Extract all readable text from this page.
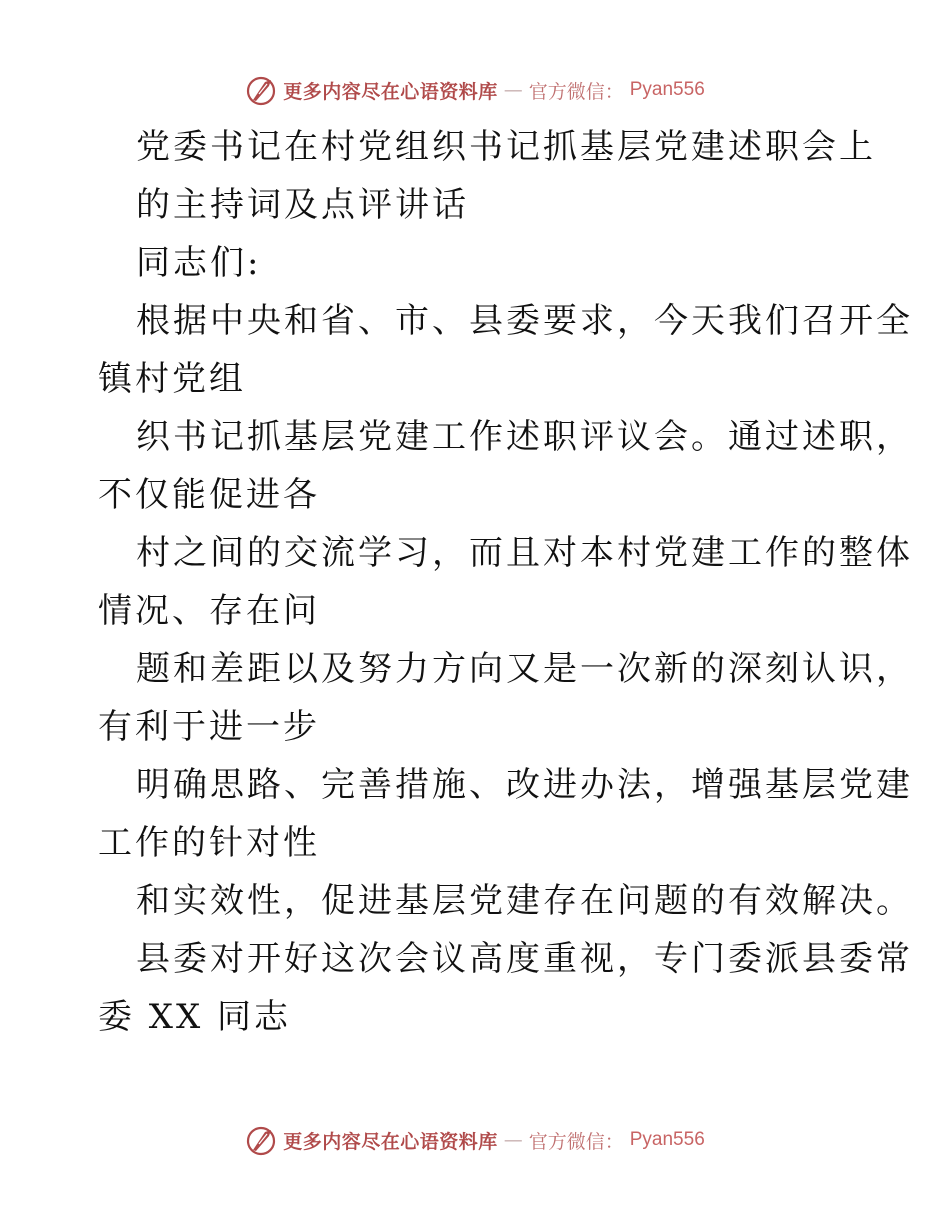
更多内容尽在心语资料库 — 官方微信： Pyan556
党委书记在村党组织书记抓基层党建述职会上
的主持词及点评讲话
同志们:
根据中央和省、市、县委要求，今天我们召开全
镇村党组
织书记抓基层党建工作述职评议会。通过述职，
不仅能促进各
村之间的交流学习，而且对本村党建工作的整体
情况、存在问
题和差距以及努力方向又是一次新的深刻认识，
有利于进一步
明确思路、完善措施、改进办法，增强基层党建
工作的针对性
和实效性，促进基层党建存在问题的有效解决。
县委对开好这次会议高度重视，专门委派县委常
委 XX 同志
更多内容尽在心语资料库 — 官方微信： Pyan556
